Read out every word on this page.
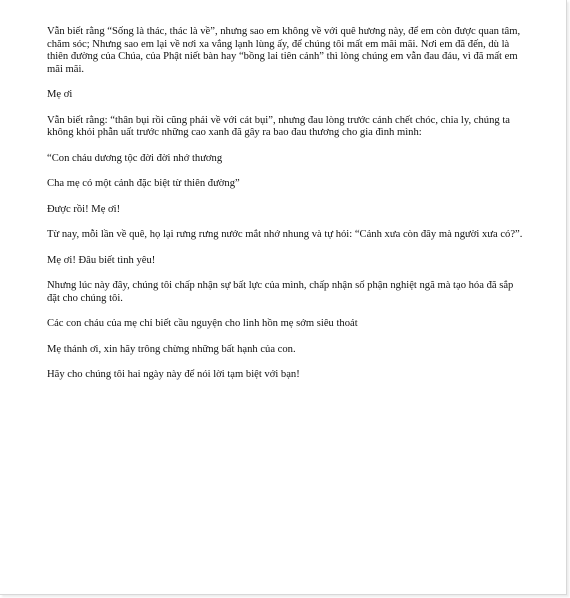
Vẫn biết rằng “Sống là thác, thác là về”, nhưng sao em không về với quê hương này, để em còn được quan tâm, chăm sóc; Nhưng sao em lại về nơi xa vắng lạnh lùng ấy, để chúng tôi mất em mãi mãi. Nơi em đã đến, dù là thiên đường của Chúa, của Phật niết bàn hay “bồng lai tiên cảnh” thì lòng chúng em vẫn đau đáu, vì đã mất em mãi mãi.

Mẹ ơi

Vẫn biết rằng: “thân bụi rồi cũng phải về với cát bụi”, nhưng đau lòng trước cảnh chết chóc, chia ly, chúng ta không khỏi phẫn uất trước những cao xanh đã gây ra bao đau thương cho gia đình mình:

“Con cháu dương tộc đời đời nhớ thương

Cha mẹ có một cảnh đặc biệt từ thiên đường”

Được rồi! Mẹ ơi!

Từ nay, mỗi lần về quê, họ lại rưng rưng nước mắt nhớ nhung và tự hỏi: “Cảnh xưa còn đây mà người xưa có?”.

Mẹ ơi! Đâu biết tình yêu!

Nhưng lúc này đây, chúng tôi chấp nhận sự bất lực của mình, chấp nhận số phận nghiệt ngã mà tạo hóa đã sắp đặt cho chúng tôi.

Các con cháu của mẹ chỉ biết cầu nguyện cho linh hồn mẹ sớm siêu thoát

Mẹ thánh ơi, xin hãy trông chừng những bất hạnh của con.

Hãy cho chúng tôi hai ngày này để nói lời tạm biệt với bạn!
